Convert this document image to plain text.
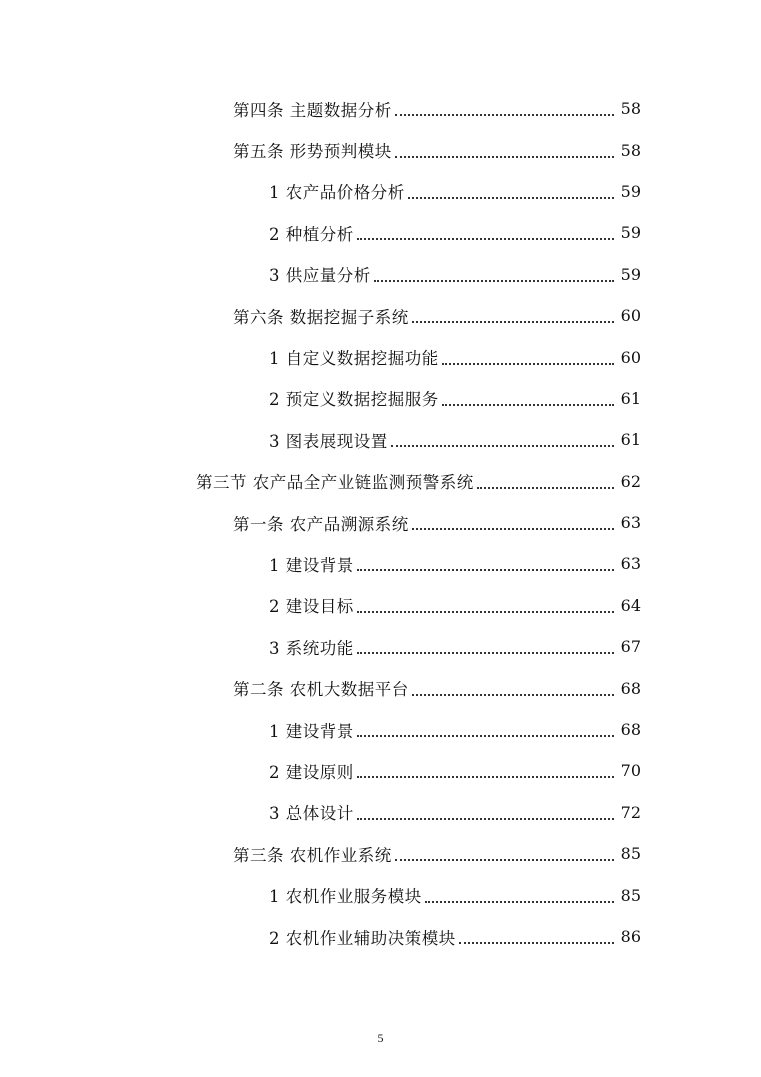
第四条 主题数据分析	58
第五条 形势预判模块	58
1 农产品价格分析	59
2 种植分析	59
3 供应量分析	59
第六条 数据挖掘子系统	60
1 自定义数据挖掘功能	60
2 预定义数据挖掘服务	61
3 图表展现设置	61
第三节 农产品全产业链监测预警系统	62
第一条 农产品溯源系统	63
1 建设背景	63
2 建设目标	64
3 系统功能	67
第二条 农机大数据平台	68
1 建设背景	68
2 建设原则	70
3 总体设计	72
第三条 农机作业系统	85
1 农机作业服务模块	85
2 农机作业辅助决策模块	86
5
